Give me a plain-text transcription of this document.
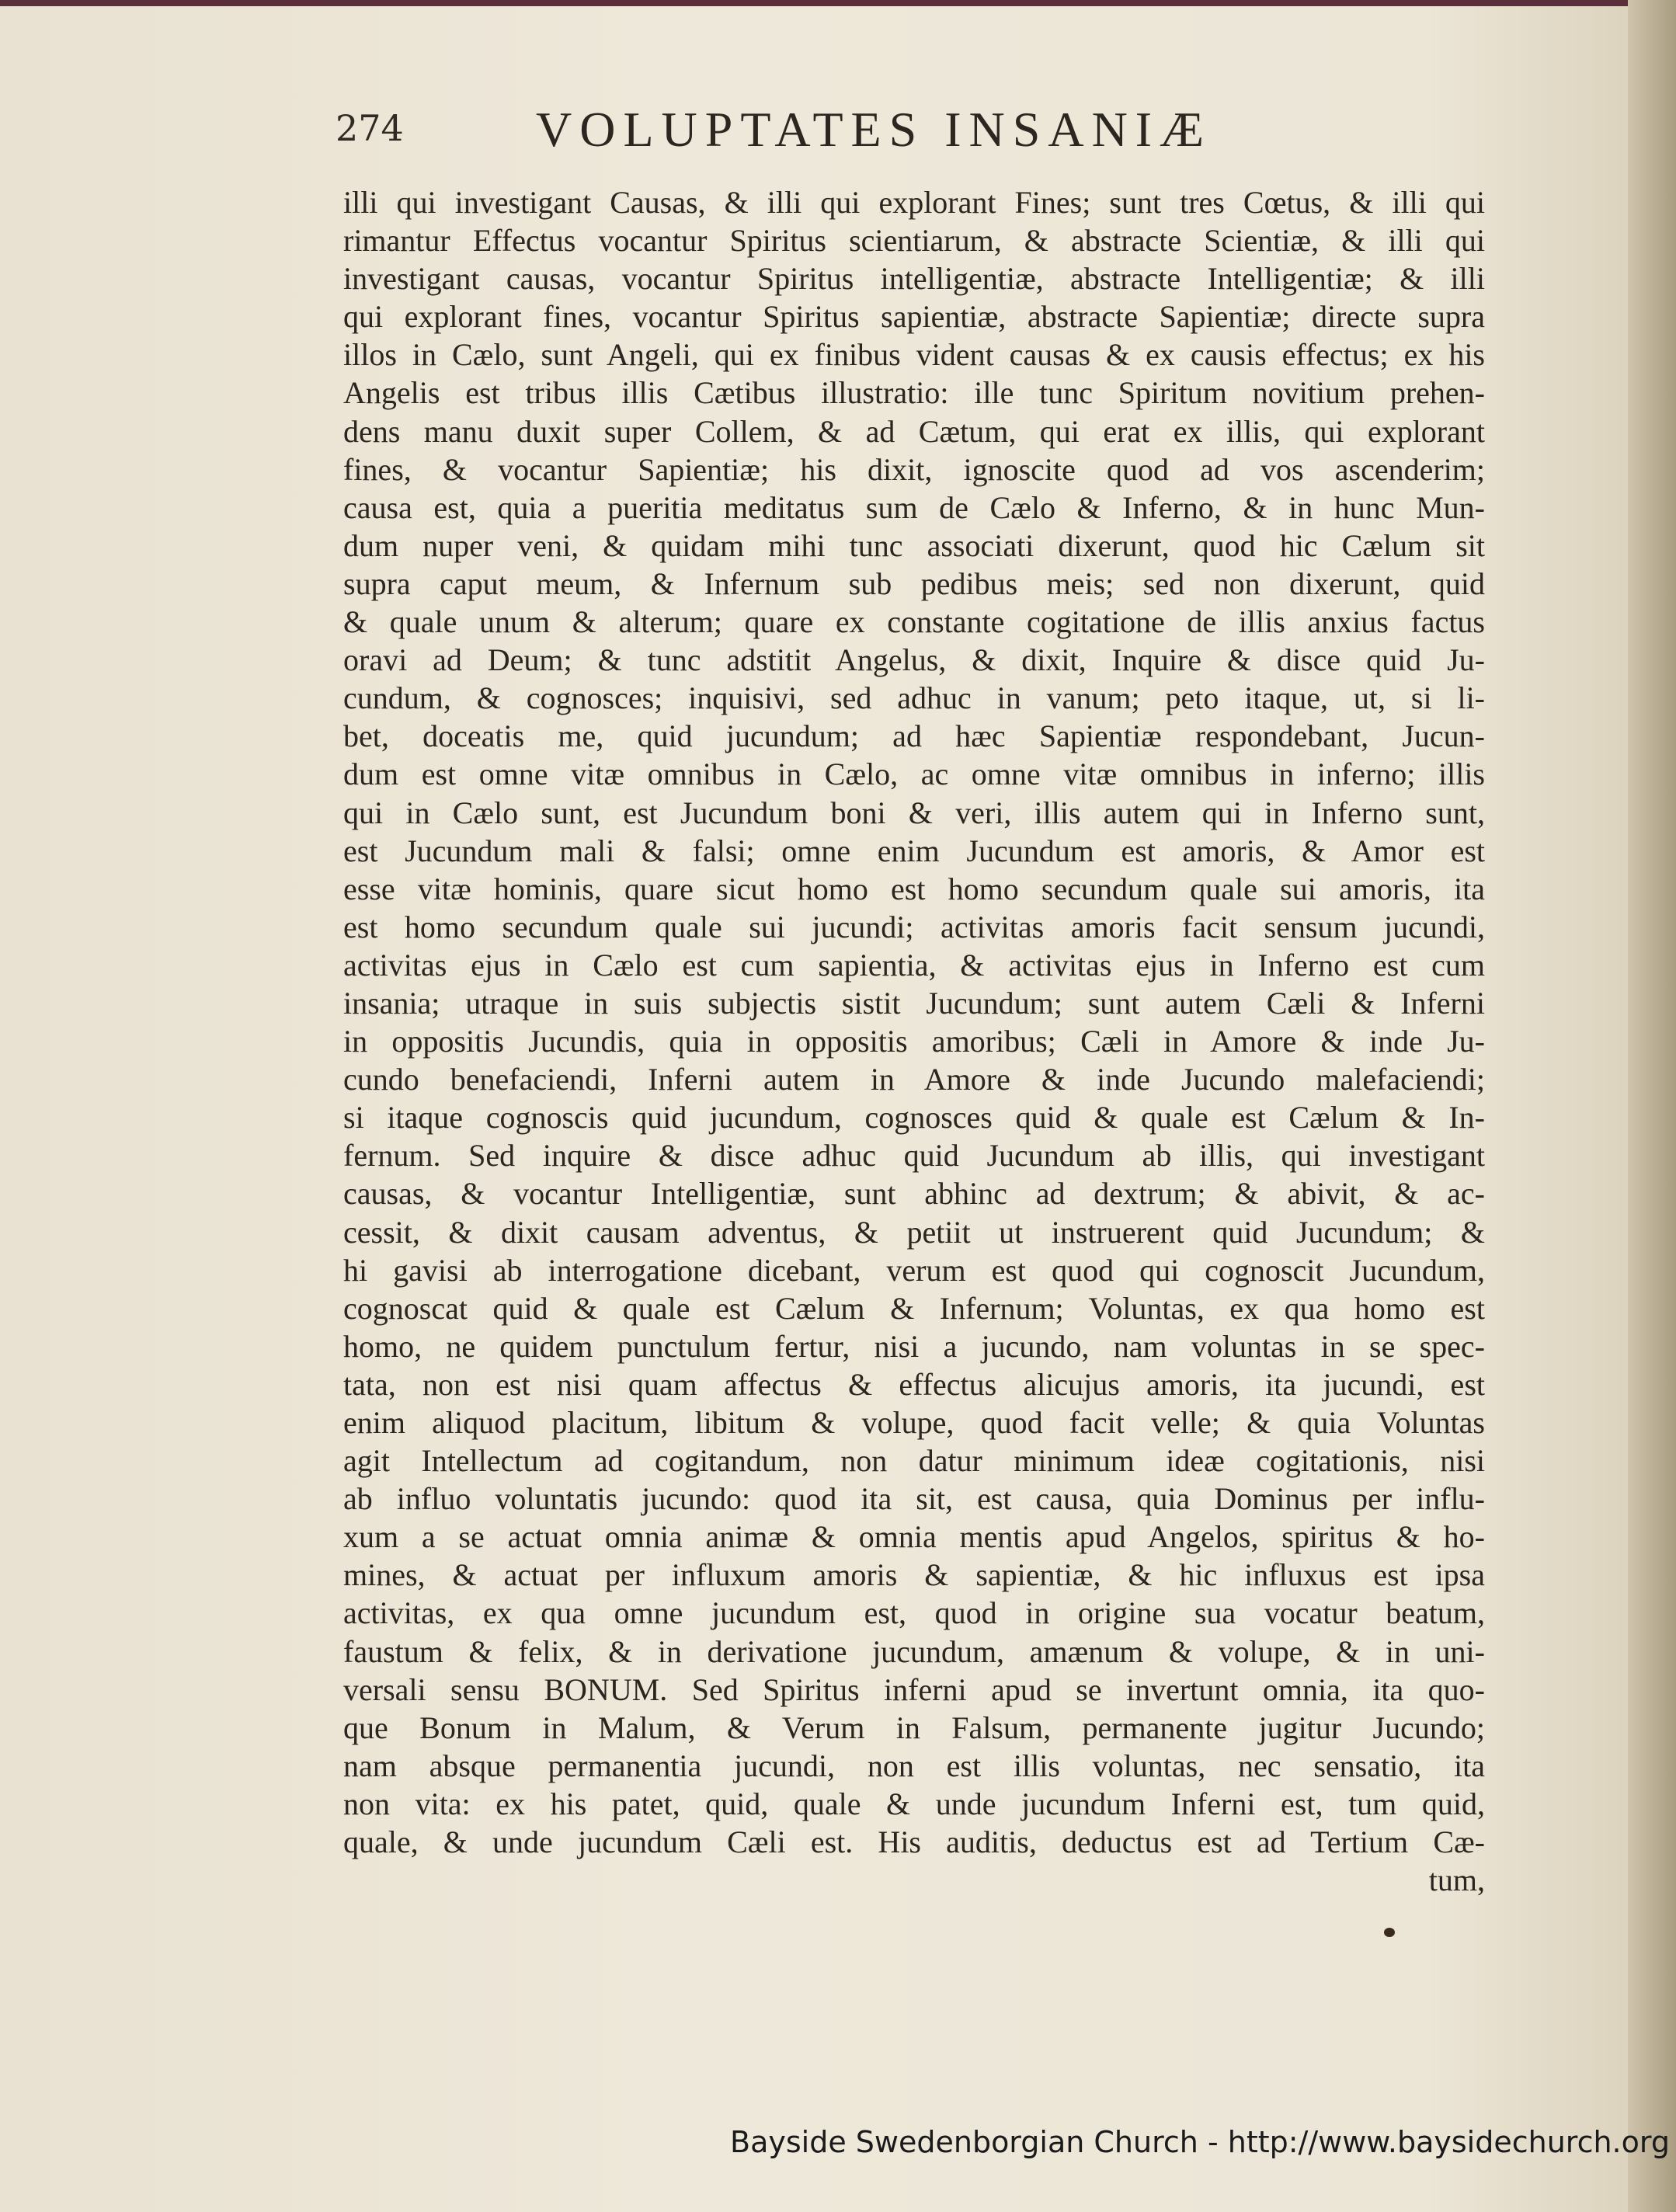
274	VOLUPTATES INSANIÆ
illi qui investigant Causas, & illi qui explorant Fines; sunt tres Cœtus, & illi qui
rimantur Effectus vocantur Spiritus scientiarum, & abstracte Scientiæ, & illi qui
investigant causas, vocantur Spiritus intelligentiæ, abstracte Intelligentiæ; & illi
qui explorant fines, vocantur Spiritus sapientiæ, abstracte Sapientiæ; directe supra
illos in Cælo, sunt Angeli, qui ex finibus vident causas & ex causis effectus; ex his
Angelis est tribus illis Cætibus illustratio: ille tunc Spiritum novitium prehen-
dens manu duxit super Collem, & ad Cætum, qui erat ex illis, qui explorant
fines, & vocantur Sapientiæ; his dixit, ignoscite quod ad vos ascenderim;
causa est, quia a pueritia meditatus sum de Cælo & Inferno, & in hunc Mun-
dum nuper veni, & quidam mihi tunc associati dixerunt, quod hic Cælum sit
supra caput meum, & Infernum sub pedibus meis; sed non dixerunt, quid
& quale unum & alterum; quare ex constante cogitatione de illis anxius factus
oravi ad Deum; & tunc adstitit Angelus, & dixit, Inquire & disce quid Ju-
cundum, & cognosces; inquisivi, sed adhuc in vanum; peto itaque, ut, si li-
bet, doceatis me, quid jucundum; ad hæc Sapientiæ respondebant, Jucun-
dum est omne vitæ omnibus in Cælo, ac omne vitæ omnibus in inferno; illis
qui in Cælo sunt, est Jucundum boni & veri, illis autem qui in Inferno sunt,
est Jucundum mali & falsi; omne enim Jucundum est amoris, & Amor est
esse vitæ hominis, quare sicut homo est homo secundum quale sui amoris, ita
est homo secundum quale sui jucundi; activitas amoris facit sensum jucundi,
activitas ejus in Cælo est cum sapientia, & activitas ejus in Inferno est cum
insania; utraque in suis subjectis sistit Jucundum; sunt autem Cæli & Inferni
in oppositis Jucundis, quia in oppositis amoribus; Cæli in Amore & inde Ju-
cundo benefaciendi, Inferni autem in Amore & inde Jucundo malefaciendi;
si itaque cognoscis quid jucundum, cognosces quid & quale est Cælum & In-
fernum. Sed inquire & disce adhuc quid Jucundum ab illis, qui investigant
causas, & vocantur Intelligentiæ, sunt abhinc ad dextrum; & abivit, & ac-
cessit, & dixit causam adventus, & petiit ut instruerent quid Jucundum; &
hi gavisi ab interrogatione dicebant, verum est quod qui cognoscit Jucundum,
cognoscat quid & quale est Cælum & Infernum; Voluntas, ex qua homo est
homo, ne quidem punctulum fertur, nisi a jucundo, nam voluntas in se spec-
tata, non est nisi quam affectus & effectus alicujus amoris, ita jucundi, est
enim aliquod placitum, libitum & volupe, quod facit velle; & quia Voluntas
agit Intellectum ad cogitandum, non datur minimum ideæ cogitationis, nisi
ab influo voluntatis jucundo: quod ita sit, est causa, quia Dominus per influ-
xum a se actuat omnia animæ & omnia mentis apud Angelos, spiritus & ho-
mines, & actuat per influxum amoris & sapientiæ, & hic influxus est ipsa
activitas, ex qua omne jucundum est, quod in origine sua vocatur beatum,
faustum & felix, & in derivatione jucundum, amænum & volupe, & in uni-
versali sensu BONUM. Sed Spiritus inferni apud se invertunt omnia, ita quo-
que Bonum in Malum, & Verum in Falsum, permanente jugitur Jucundo;
nam absque permanentia jucundi, non est illis voluntas, nec sensatio, ita
non vita: ex his patet, quid, quale & unde jucundum Inferni est, tum quid,
quale, & unde jucundum Cæli est. His auditis, deductus est ad Tertium Cæ-
tum,
Bayside Swedenborgian Church - http://www.baysidechurch.org
